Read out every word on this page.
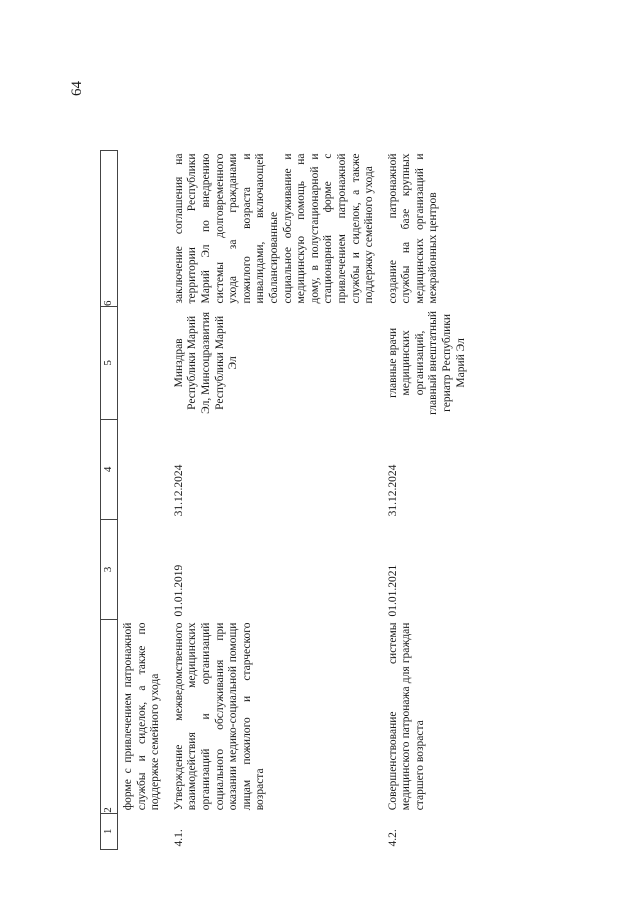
64
1	2	3	4	5	6
	форме с привлечением патронажной службы и сиделок, а также по поддержке семейного ухода				
4.1.	Утверждение межведомственного взаимодействия медицинских организаций и организаций социального обслуживания при оказании медико-социальной помощи лицам пожилого и старческого возраста	01.01.2019	31.12.2024	Минздрав Республики Марий Эл, Минсоцразвития Республики Марий Эл	заключение соглашения на территории Республики Марий Эл по внедрению системы долговременного ухода за гражданами пожилого возраста и инвалидами, включающей сбалансированные социальное обслуживание и медицинскую помощь на дому, в полустационарной и стационарной форме с привлечением патронажной службы и сиделок, а также поддержку семейного ухода
4.2.	Совершенствование системы медицинского патронажа для граждан старшего возраста	01.01.2021	31.12.2024	главные врачи медицинских организаций, главный внештатный гериатр Республики Марий Эл	создание патронажной службы на базе крупных медицинских организаций и межрайонных центров
